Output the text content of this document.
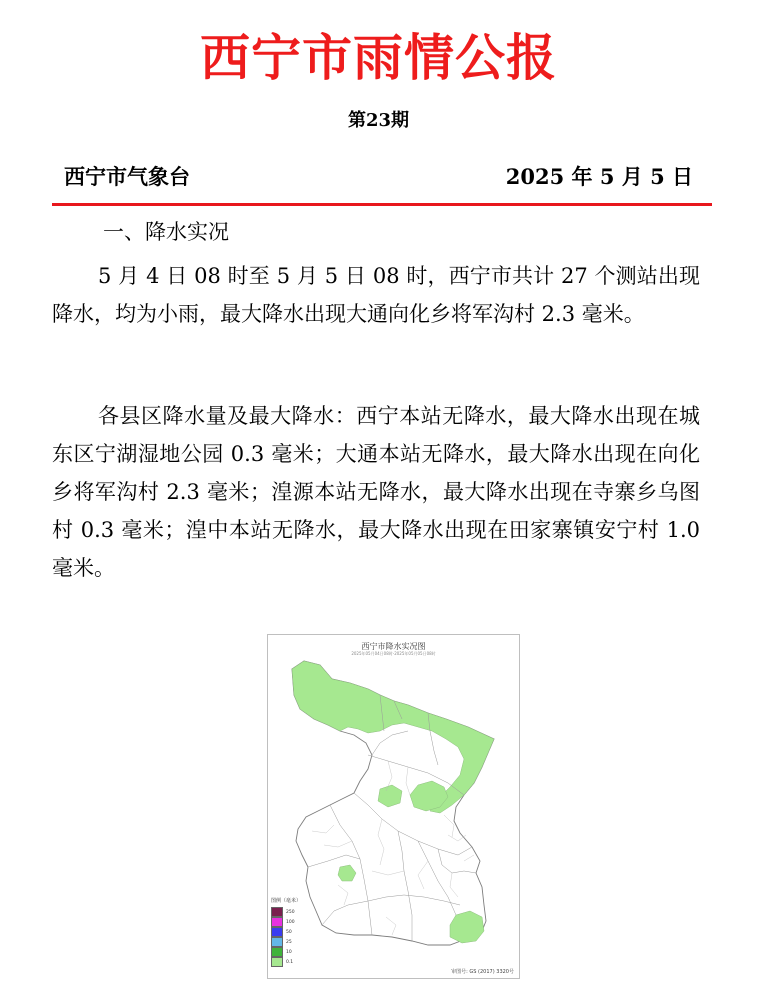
西宁市雨情公报
第23期
西宁市气象台	2025 年 5 月 5 日
一、降水实况

5 月 4 日 08 时至 5 月 5 日 08 时，西宁市共计 27 个测站出现降水，均为小雨，最大降水出现大通向化乡将军沟村 2.3 毫米。

各县区降水量及最大降水：西宁本站无降水，最大降水出现在城东区宁湖湿地公园 0.3 毫米；大通本站无降水，最大降水出现在向化乡将军沟村 2.3 毫米；湟源本站无降水，最大降水出现在寺寨乡乌图村 0.3 毫米；湟中本站无降水，最大降水出现在田家寨镇安宁村 1.0 毫米。

西宁市降水实况图
2025年05月04日08时-2025年05月05日08时
图例（毫米）
250
100
50
25
10
0.1
审图号: GS (2017) 3320号
